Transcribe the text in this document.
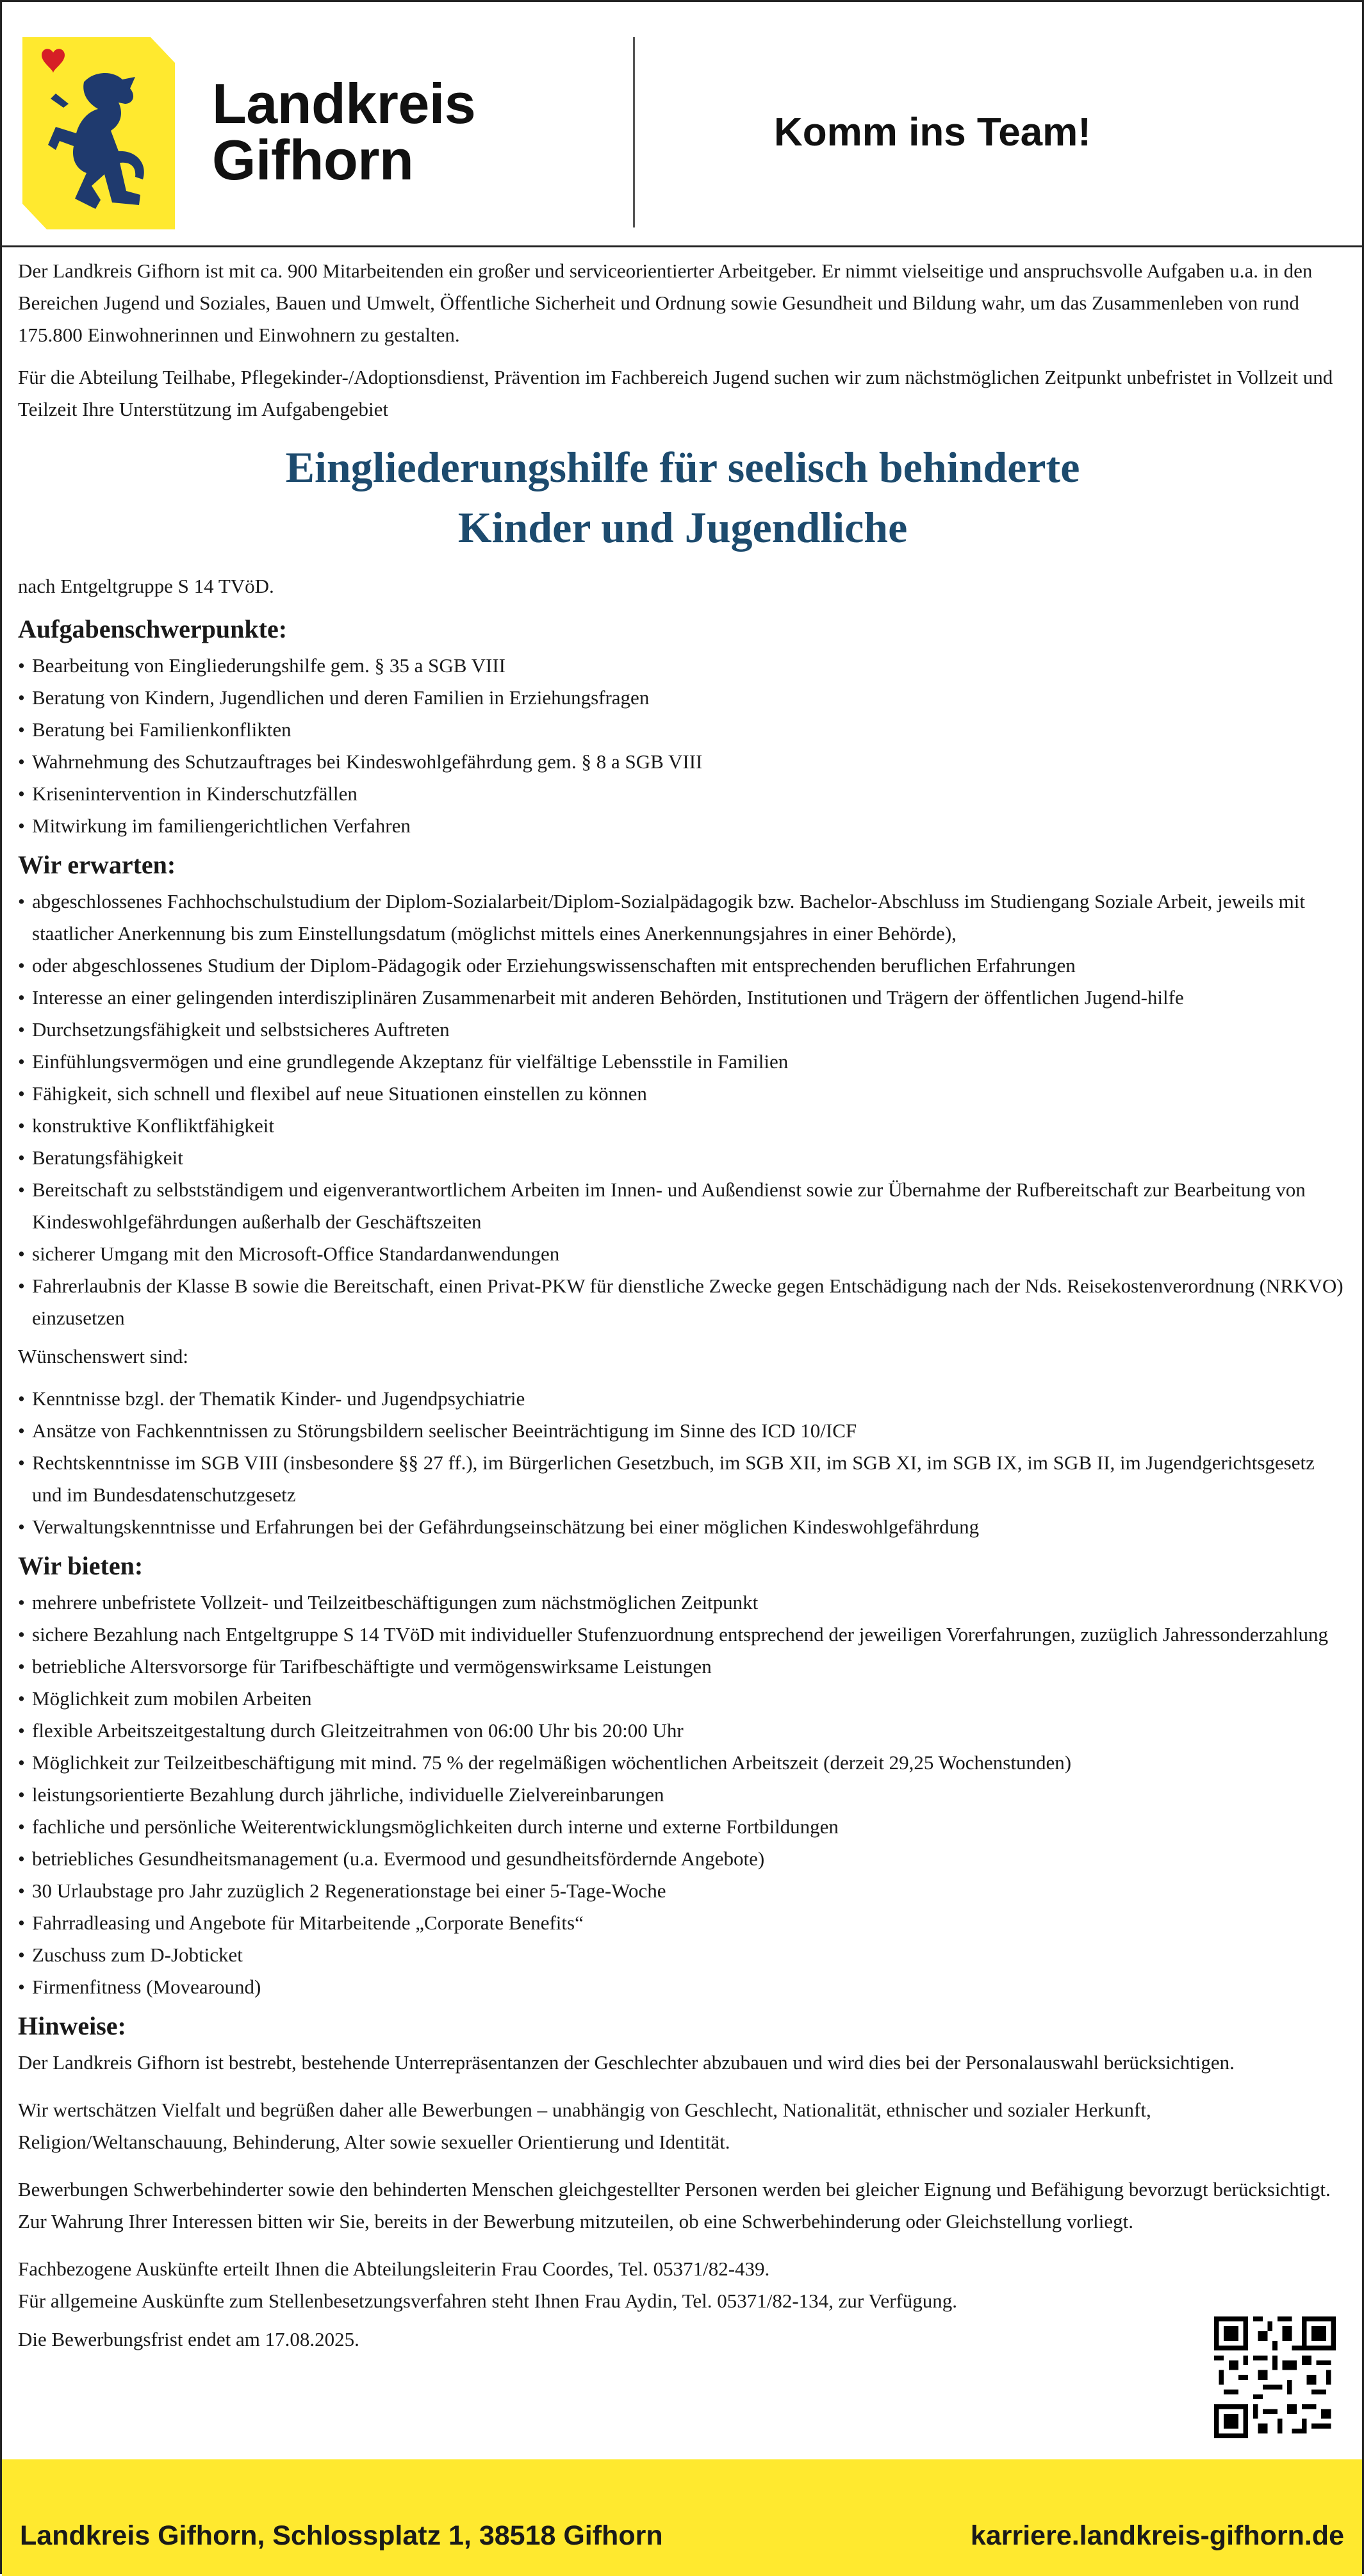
Landkreis
Gifhorn	Komm ins Team!

Der Landkreis Gifhorn ist mit ca. 900 Mitarbeitenden ein großer und serviceorientierter Arbeitgeber. Er nimmt vielseitige und anspruchsvolle Aufgaben u.a. in den Bereichen Jugend und Soziales, Bauen und Umwelt, Öffentliche Sicherheit und Ordnung sowie Gesundheit und Bildung wahr, um das Zusammenleben von rund 175.800 Einwohnerinnen und Einwohnern zu gestalten.

Für die Abteilung Teilhabe, Pflegekinder-/Adoptionsdienst, Prävention im Fachbereich Jugend suchen wir zum nächstmöglichen Zeitpunkt unbefristet in Vollzeit und Teilzeit Ihre Unterstützung im Aufgabengebiet

Eingliederungshilfe für seelisch behinderte
Kinder und Jugendliche

nach Entgeltgruppe S 14 TVöD.

Aufgabenschwerpunkte:
• Bearbeitung von Eingliederungshilfe gem. § 35 a SGB VIII
• Beratung von Kindern, Jugendlichen und deren Familien in Erziehungsfragen
• Beratung bei Familienkonflikten
• Wahrnehmung des Schutzauftrages bei Kindeswohlgefährdung gem. § 8 a SGB VIII
• Krisenintervention in Kinderschutzfällen
• Mitwirkung im familiengerichtlichen Verfahren
Wir erwarten:
• abgeschlossenes Fachhochschulstudium der Diplom-Sozialarbeit/Diplom-Sozialpädagogik bzw. Bachelor-Abschluss im Studiengang Soziale Arbeit, jeweils mit staatlicher Anerkennung bis zum Einstellungsdatum (möglichst mittels eines Anerkennungsjahres in einer Behörde),
• oder abgeschlossenes Studium der Diplom-Pädagogik oder Erziehungswissenschaften mit entsprechenden beruflichen Erfahrungen
• Interesse an einer gelingenden interdisziplinären Zusammenarbeit mit anderen Behörden, Institutionen und Trägern der öffentlichen Jugend-hilfe
• Durchsetzungsfähigkeit und selbstsicheres Auftreten
• Einfühlungsvermögen und eine grundlegende Akzeptanz für vielfältige Lebensstile in Familien
• Fähigkeit, sich schnell und flexibel auf neue Situationen einstellen zu können
• konstruktive Konfliktfähigkeit
• Beratungsfähigkeit
• Bereitschaft zu selbstständigem und eigenverantwortlichem Arbeiten im Innen- und Außendienst sowie zur Übernahme der Rufbereitschaft zur Bearbeitung von Kindeswohlgefährdungen außerhalb der Geschäftszeiten
• sicherer Umgang mit den Microsoft-Office Standardanwendungen
• Fahrerlaubnis der Klasse B sowie die Bereitschaft, einen Privat-PKW für dienstliche Zwecke gegen Entschädigung nach der Nds. Reisekostenverordnung (NRKVO) einzusetzen

Wünschenswert sind:

• Kenntnisse bzgl. der Thematik Kinder- und Jugendpsychiatrie
• Ansätze von Fachkenntnissen zu Störungsbildern seelischer Beeinträchtigung im Sinne des ICD 10/ICF
• Rechtskenntnisse im SGB VIII (insbesondere §§ 27 ff.), im Bürgerlichen Gesetzbuch, im SGB XII, im SGB XI, im SGB IX, im SGB II, im Jugendgerichtsgesetz und im Bundesdatenschutzgesetz
• Verwaltungskenntnisse und Erfahrungen bei der Gefährdungseinschätzung bei einer möglichen Kindeswohlgefährdung
Wir bieten:
• mehrere unbefristete Vollzeit- und Teilzeitbeschäftigungen zum nächstmöglichen Zeitpunkt
• sichere Bezahlung nach Entgeltgruppe S 14 TVöD mit individueller Stufenzuordnung entsprechend der jeweiligen Vorerfahrungen, zuzüglich Jahressonderzahlung
• betriebliche Altersvorsorge für Tarifbeschäftigte und vermögenswirksame Leistungen
• Möglichkeit zum mobilen Arbeiten
• flexible Arbeitszeitgestaltung durch Gleitzeitrahmen von 06:00 Uhr bis 20:00 Uhr
• Möglichkeit zur Teilzeitbeschäftigung mit mind. 75 % der regelmäßigen wöchentlichen Arbeitszeit (derzeit 29,25 Wochenstunden)
• leistungsorientierte Bezahlung durch jährliche, individuelle Zielvereinbarungen
• fachliche und persönliche Weiterentwicklungsmöglichkeiten durch interne und externe Fortbildungen
• betriebliches Gesundheitsmanagement (u.a. Evermood und gesundheitsfördernde Angebote)
• 30 Urlaubstage pro Jahr zuzüglich 2 Regenerationstage bei einer 5-Tage-Woche
• Fahrradleasing und Angebote für Mitarbeitende „Corporate Benefits“
• Zuschuss zum D-Jobticket
• Firmenfitness (Movearound)
Hinweise:

Der Landkreis Gifhorn ist bestrebt, bestehende Unterrepräsentanzen der Geschlechter abzubauen und wird dies bei der Personalauswahl berücksichtigen.

Wir wertschätzen Vielfalt und begrüßen daher alle Bewerbungen – unabhängig von Geschlecht, Nationalität, ethnischer und sozialer Herkunft, Religion/Weltanschauung, Behinderung, Alter sowie sexueller Orientierung und Identität.

Bewerbungen Schwerbehinderter sowie den behinderten Menschen gleichgestellter Personen werden bei gleicher Eignung und Befähigung bevorzugt berücksichtigt. Zur Wahrung Ihrer Interessen bitten wir Sie, bereits in der Bewerbung mitzuteilen, ob eine Schwerbehinderung oder Gleichstellung vorliegt.

Fachbezogene Auskünfte erteilt Ihnen die Abteilungsleiterin Frau Coordes, Tel. 05371/82-439.
Für allgemeine Auskünfte zum Stellenbesetzungsverfahren steht Ihnen Frau Aydin, Tel. 05371/82-134, zur Verfügung.

Die Bewerbungsfrist endet am 17.08.2025.

Landkreis Gifhorn, Schlossplatz 1, 38518 Gifhorn	karriere.landkreis-gifhorn.de
